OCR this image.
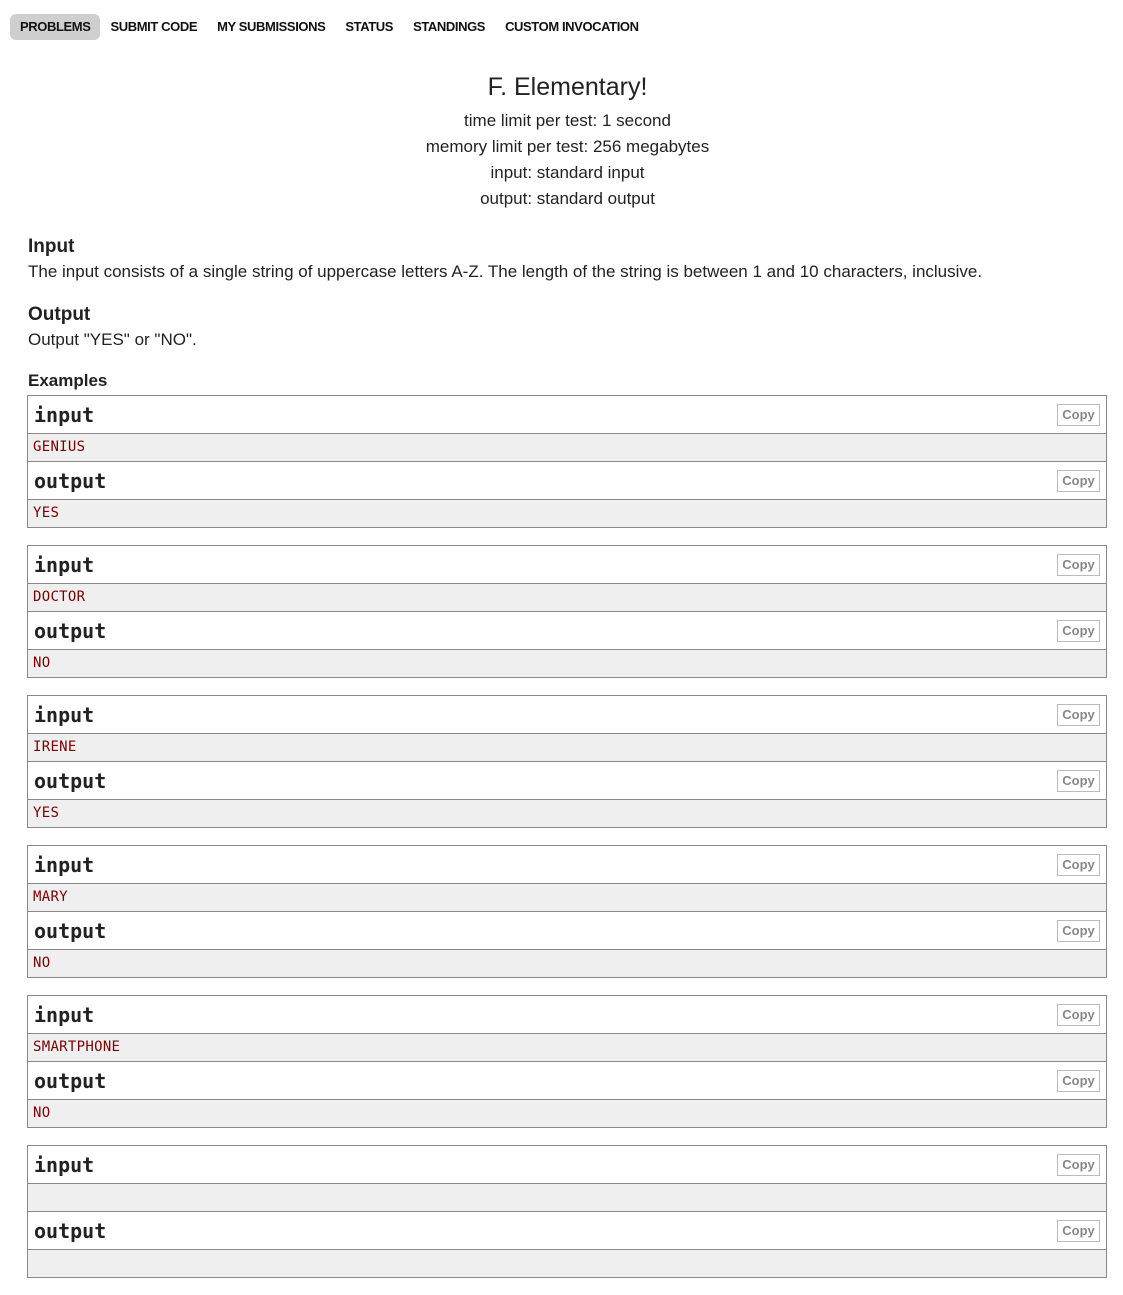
PROBLEMS	SUBMIT CODE	MY SUBMISSIONS	STATUS	STANDINGS	CUSTOM INVOCATION
F. Elementary!
time limit per test: 1 second
memory limit per test: 256 megabytes
input: standard input
output: standard output
Input
The input consists of a single string of uppercase letters A-Z. The length of the string is between 1 and 10 characters, inclusive.
Output
Output "YES" or "NO".
Examples
input	Copy
GENIUS
output	Copy
YES
input	Copy
DOCTOR
output	Copy
NO
input	Copy
IRENE
output	Copy
YES
input	Copy
MARY
output	Copy
NO
input	Copy
SMARTPHONE
output	Copy
NO
input	Copy
output	Copy
